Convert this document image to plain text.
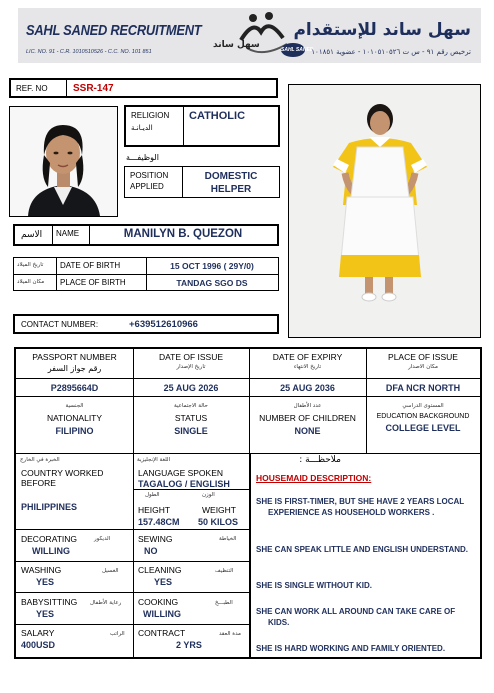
SAHL SANED RECRUITMENT
LIC. NO. 91 - C.R. 1010510526 - C.C. NO. 101 851
سهل ساند	SAHL SANED
سهل ساند للإستقدام
ترخيص رقم ٩١ - س ت ١٠١٠٥١٠٥٢٦ - عضوية ١٠١٨٥١
REF. NO	SSR-147
RELIGION
الديـانـة
CATHOLIC
الوظيفـــة
POSITION APPLIED
DOMESTIC HELPER
الاسم NAME	MANILYN B. QUEZON
تاريخ الميلاد DATE OF BIRTH	15 OCT 1996 ( 29Y/0)
مكان الميلاد PLACE OF BIRTH	TANDAG SGO DS
CONTACT NUMBER:	+639512610966
PASSPORT NUMBER
رقم جواز السفر
DATE OF ISSUE
تاريخ الإصدار
DATE OF EXPIRY
تاريخ الانتهاء
PLACE OF ISSUE
مكان الاصدار
P2895664D	25 AUG 2026	25 AUG 2036	DFA NCR NORTH
الجنسية
NATIONALITY
FILIPINO
حالة الاجتماعية
STATUS
SINGLE
عدد الأطفال
NUMBER OF CHILDREN
NONE
المستوى الدراسي
EDUCATION BACKGROUND
COLLEGE LEVEL
الخبرة في الخارج
COUNTRY WORKED BEFORE
PHILIPPINES
اللغة الإنجليزية
LANGUAGE SPOKEN
TAGALOG / ENGLISH
الطول	الوزن
HEIGHT	WEIGHT
157.48CM 50 KILOS
DECORATING	الديكور
WILLING
SEWING	الخياطة
NO
WASHING	الغسيل
YES
CLEANING	التنظيف
YES
BABYSITTING رعاية الأطفال
YES
COOKING	الطبـــخ
WILLING
SALARY	الراتب
400USD
CONTRACT	مدة العقد
2 YRS
ملاحظـــة :
HOUSEMAID DESCRIPTION:
SHE IS FIRST-TIMER, BUT SHE HAVE 2 YEARS LOCAL EXPERIENCE AS HOUSEHOLD WORKERS .
SHE CAN SPEAK LITTLE AND ENGLISH UNDERSTAND.
SHE IS SINGLE WITHOUT KID.
SHE CAN WORK ALL AROUND CAN TAKE CARE OF KIDS.
SHE IS HARD WORKING AND FAMILY ORIENTED.
